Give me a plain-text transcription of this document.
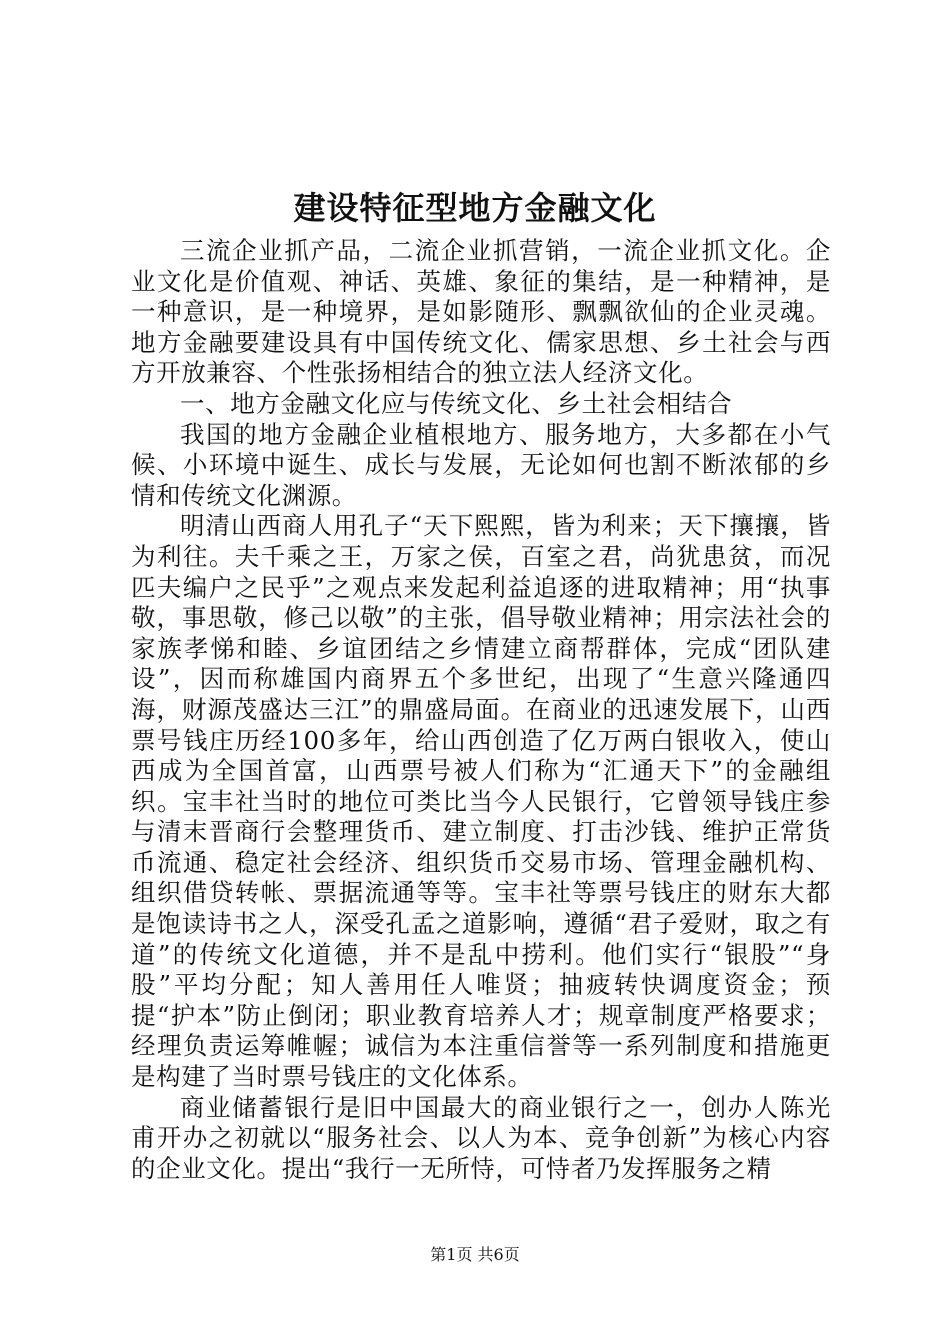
建设特征型地方金融文化

三流企业抓产品，二流企业抓营销，一流企业抓文化。企业文化是价值观、神话、英雄、象征的集结，是一种精神，是一种意识，是一种境界，是如影随形、飘飘欲仙的企业灵魂。地方金融要建设具有中国传统文化、儒家思想、乡土社会与西方开放兼容、个性张扬相结合的独立法人经济文化。

一、地方金融文化应与传统文化、乡土社会相结合

我国的地方金融企业植根地方、服务地方，大多都在小气候、小环境中诞生、成长与发展，无论如何也割不断浓郁的乡情和传统文化渊源。

明清山西商人用孔子“天下熙熙，皆为利来；天下攘攘，皆为利往。夫千乘之王，万家之侯，百室之君，尚犹患贫，而况匹夫编户之民乎”之观点来发起利益追逐的进取精神；用“执事敬，事思敬，修己以敬”的主张，倡导敬业精神；用宗法社会的家族孝悌和睦、乡谊团结之乡情建立商帮群体，完成“团队建设”，因而称雄国内商界五个多世纪，出现了“生意兴隆通四海，财源茂盛达三江”的鼎盛局面。在商业的迅速发展下，山西票号钱庄历经100多年，给山西创造了亿万两白银收入，使山西成为全国首富，山西票号被人们称为“汇通天下”的金融组织。宝丰社当时的地位可类比当今人民银行，它曾领导钱庄参与清末晋商行会整理货币、建立制度、打击沙钱、维护正常货币流通、稳定社会经济、组织货币交易市场、管理金融机构、组织借贷转帐、票据流通等等。宝丰社等票号钱庄的财东大都是饱读诗书之人，深受孔孟之道影响，遵循“君子爱财，取之有道”的传统文化道德，并不是乱中捞利。他们实行“银股”“身股”平均分配；知人善用任人唯贤；抽疲转快调度资金；预提“护本”防止倒闭；职业教育培养人才；规章制度严格要求；经理负责运筹帷幄；诚信为本注重信誉等一系列制度和措施更是构建了当时票号钱庄的文化体系。

商业储蓄银行是旧中国最大的商业银行之一，创办人陈光甫开办之初就以“服务社会、以人为本、竞争创新”为核心内容的企业文化。提出“我行一无所恃，可恃者乃发挥服务之精

第1页 共6页
